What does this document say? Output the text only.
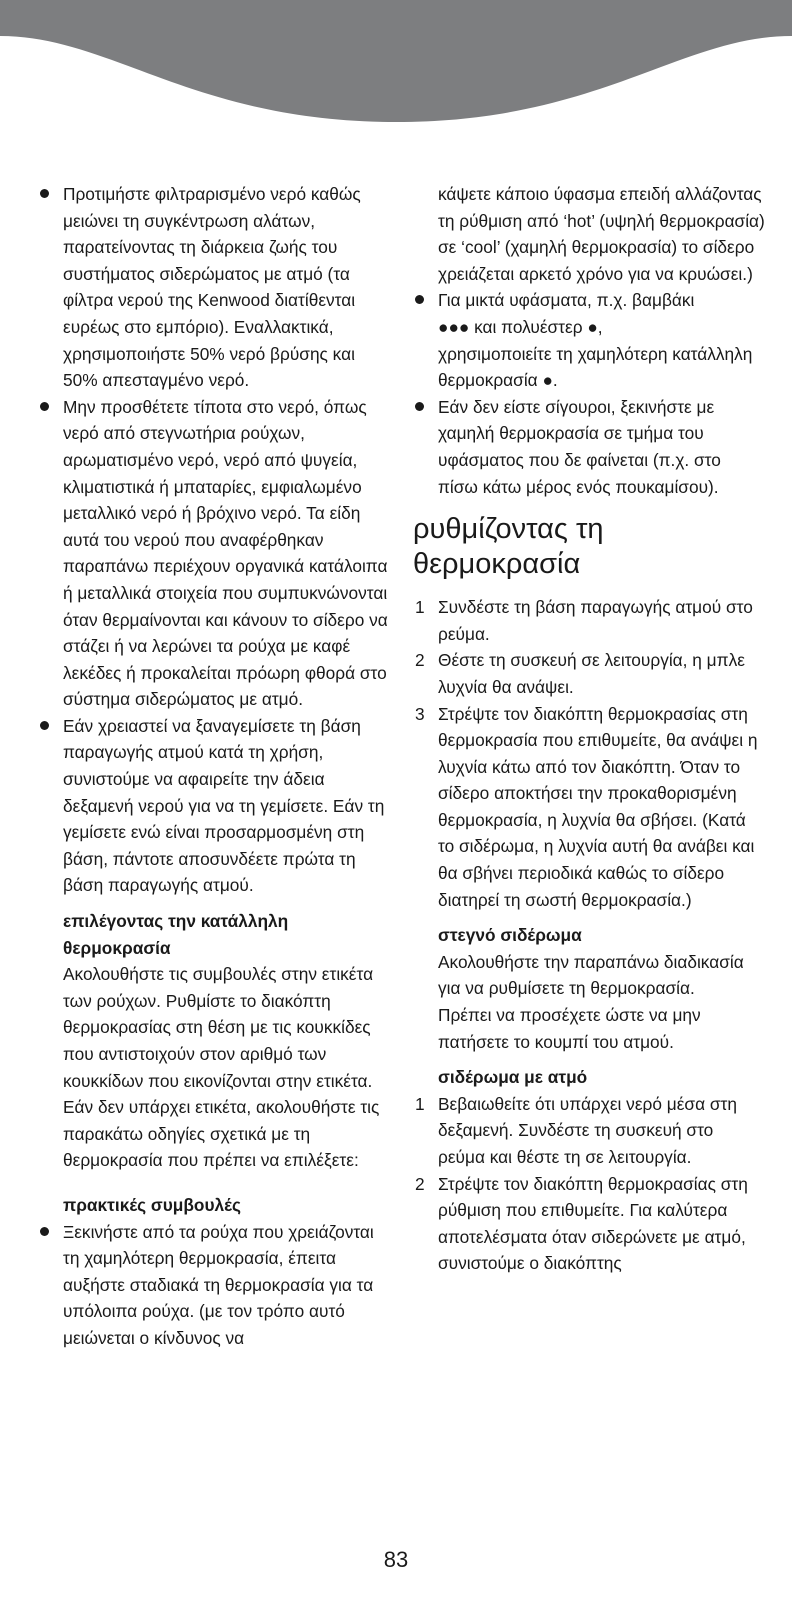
Προτιμήστε φιλτραρισμένο νερό καθώς μειώνει τη συγκέντρωση αλάτων, παρατείνοντας τη διάρκεια ζωής του συστήματος σιδερώματος με ατμό (τα φίλτρα νερού της Kenwood διατίθενται ευρέως στο εμπόριο). Εναλλακτικά, χρησιμοποιήστε 50% νερό βρύσης και 50% απεσταγμένο νερό.

Μην προσθέτετε τίποτα στο νερό, όπως νερό από στεγνωτήρια ρούχων, αρωματισμένο νερό, νερό από ψυγεία, κλιματιστικά ή μπαταρίες, εμφιαλωμένο μεταλλικό νερό ή βρόχινο νερό. Τα είδη αυτά του νερού που αναφέρθηκαν παραπάνω περιέχουν οργανικά κατάλοιπα ή μεταλλικά στοιχεία που συμπυκνώνονται όταν θερμαίνονται και κάνουν το σίδερο να στάζει ή να λερώνει τα ρούχα με καφέ λεκέδες ή προκαλείται πρόωρη φθορά στο σύστημα σιδερώματος με ατμό.

Εάν χρειαστεί να ξαναγεμίσετε τη βάση παραγωγής ατμού κατά τη χρήση, συνιστούμε να αφαιρείτε την άδεια δεξαμενή νερού για να τη γεμίσετε. Εάν τη γεμίσετε ενώ είναι προσαρμοσμένη στη βάση, πάντοτε αποσυνδέετε πρώτα τη βάση παραγωγής ατμού.

επιλέγοντας την κατάλληλη θερμοκρασία

Ακολουθήστε τις συμβουλές στην ετικέτα των ρούχων. Ρυθμίστε το διακόπτη θερμοκρασίας στη θέση με τις κουκκίδες που αντιστοιχούν στον αριθμό των κουκκίδων που εικονίζονται στην ετικέτα. Εάν δεν υπάρχει ετικέτα, ακολουθήστε τις παρακάτω οδηγίες σχετικά με τη θερμοκρασία που πρέπει να επιλέξετε:

πρακτικές συμβουλές

Ξεκινήστε από τα ρούχα που χρειάζονται τη χαμηλότερη θερμοκρασία, έπειτα αυξήστε σταδιακά τη θερμοκρασία για τα υπόλοιπα ρούχα. (με τον τρόπο αυτό μειώνεται ο κίνδυνος να

κάψετε κάποιο ύφασμα επειδή αλλάζοντας τη ρύθμιση από ‘hot’ (υψηλή θερμοκρασία) σε ‘cool’ (χαμηλή θερμοκρασία) το σίδερο χρειάζεται αρκετό χρόνο για να κρυώσει.)

Για μικτά υφάσματα, π.χ. βαμβάκι
●●● και πολυέστερ ●,
χρησιμοποιείτε τη χαμηλότερη κατάλληλη θερμοκρασία ●.

Εάν δεν είστε σίγουροι, ξεκινήστε με χαμηλή θερμοκρασία σε τμήμα του υφάσματος που δε φαίνεται (π.χ. στο πίσω κάτω μέρος ενός πουκαμίσου).

ρυθμίζοντας τη
θερμοκρασία
1 Συνδέστε τη βάση παραγωγής ατμού στο ρεύμα.
2 Θέστε τη συσκευή σε λειτουργία, η μπλε λυχνία θα ανάψει.
3 Στρέψτε τον διακόπτη θερμοκρασίας στη θερμοκρασία που επιθυμείτε, θα ανάψει η λυχνία κάτω από τον διακόπτη. Όταν το σίδερο αποκτήσει την προκαθορισμένη θερμοκρασία, η λυχνία θα σβήσει. (Κατά το σιδέρωμα, η λυχνία αυτή θα ανάβει και θα σβήνει περιοδικά καθώς το σίδερο διατηρεί τη σωστή θερμοκρασία.)

στεγνό σιδέρωμα

Ακολουθήστε την παραπάνω διαδικασία για να ρυθμίσετε τη θερμοκρασία.

Πρέπει να προσέχετε ώστε να μην πατήσετε το κουμπί του ατμού.

σιδέρωμα με ατμό

1 Βεβαιωθείτε ότι υπάρχει νερό μέσα στη δεξαμενή. Συνδέστε τη συσκευή στο ρεύμα και θέστε τη σε λειτουργία.
2 Στρέψτε τον διακόπτη θερμοκρασίας στη ρύθμιση που επιθυμείτε. Για καλύτερα αποτελέσματα όταν σιδερώνετε με ατμό, συνιστούμε ο διακόπτης
83
